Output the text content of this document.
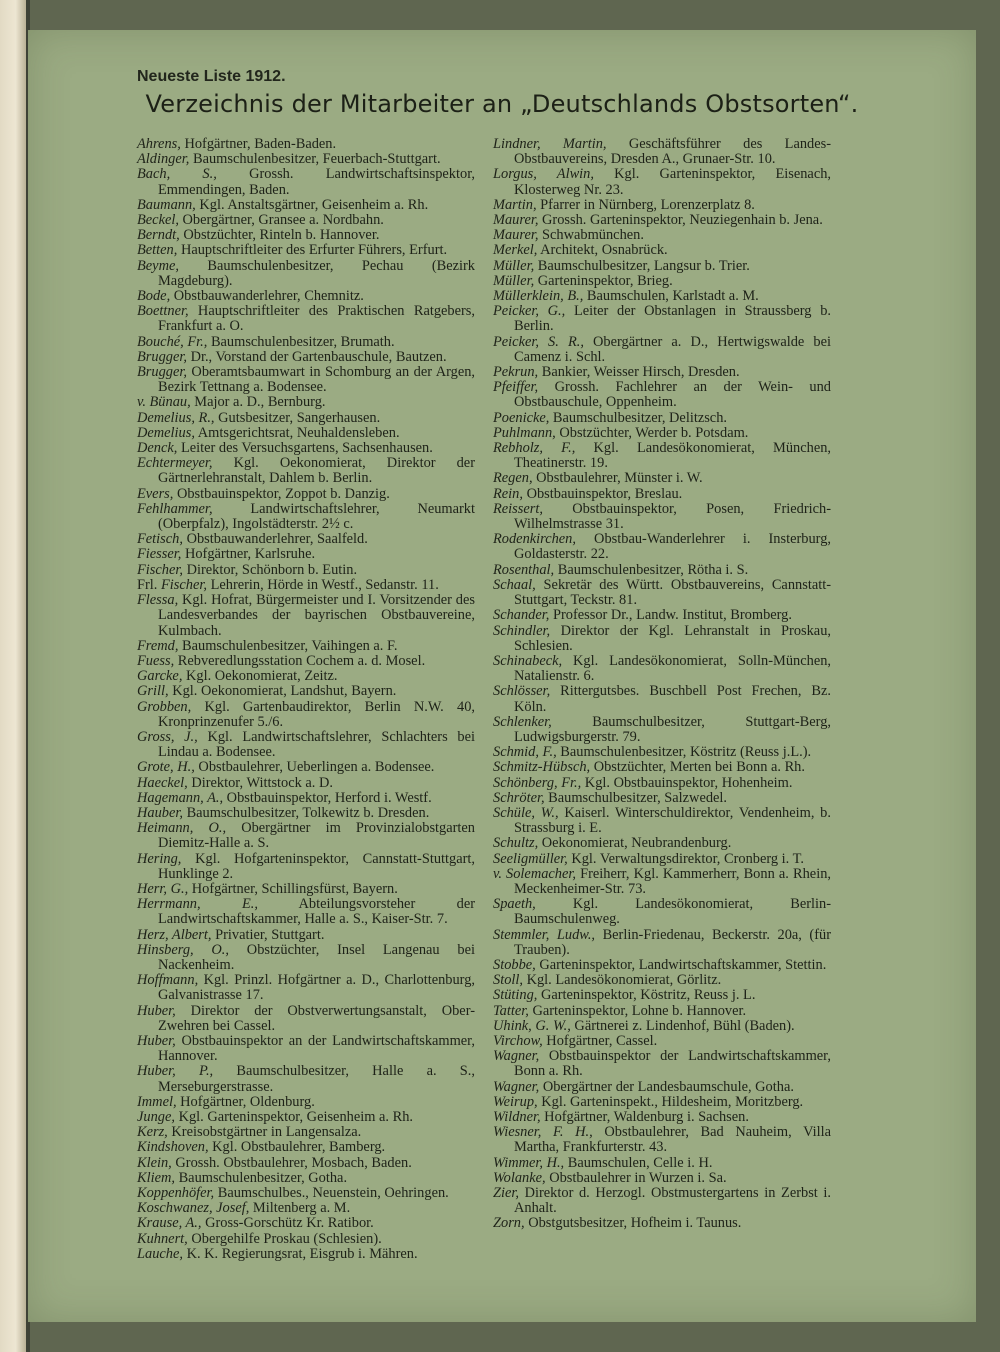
Neueste Liste 1912.
Verzeichnis der Mitarbeiter an „Deutschlands Obstsorten“.

Ahrens, Hofgärtner, Baden-Baden.

Aldinger, Baumschulenbesitzer, Feuerbach-Stuttgart.

Bach, S., Grossh. Landwirtschaftsinspektor, Emmendingen, Baden.

Baumann, Kgl. Anstaltsgärtner, Geisenheim a. Rh.

Beckel, Obergärtner, Gransee a. Nordbahn.

Berndt, Obstzüchter, Rinteln b. Hannover.

Betten, Hauptschriftleiter des Erfurter Führers, Erfurt.

Beyme, Baumschulenbesitzer, Pechau (Bezirk Magdeburg).

Bode, Obstbauwanderlehrer, Chemnitz.

Boettner, Hauptschriftleiter des Praktischen Ratgebers, Frankfurt a. O.

Bouché, Fr., Baumschulenbesitzer, Brumath.

Brugger, Dr., Vorstand der Gartenbauschule, Bautzen.

Brugger, Oberamtsbaumwart in Schomburg an der Argen, Bezirk Tettnang a. Bodensee.

v. Bünau, Major a. D., Bernburg.

Demelius, R., Gutsbesitzer, Sangerhausen.

Demelius, Amtsgerichtsrat, Neuhaldensleben.

Denck, Leiter des Versuchsgartens, Sachsenhausen.

Echtermeyer, Kgl. Oekonomierat, Direktor der Gärtnerlehranstalt, Dahlem b. Berlin.

Evers, Obstbauinspektor, Zoppot b. Danzig.

Fehlhammer, Landwirtschaftslehrer, Neumarkt (Oberpfalz), Ingolstädterstr. 2½ c.

Fetisch, Obstbauwanderlehrer, Saalfeld.

Fiesser, Hofgärtner, Karlsruhe.

Fischer, Direktor, Schönborn b. Eutin.

Frl. Fischer, Lehrerin, Hörde in Westf., Sedanstr. 11.

Flessa, Kgl. Hofrat, Bürgermeister und I. Vorsitzender des Landesverbandes der bayrischen Obstbauvereine, Kulmbach.

Fremd, Baumschulenbesitzer, Vaihingen a. F.

Fuess, Rebveredlungsstation Cochem a. d. Mosel.

Garcke, Kgl. Oekonomierat, Zeitz.

Grill, Kgl. Oekonomierat, Landshut, Bayern.

Grobben, Kgl. Gartenbaudirektor, Berlin N.W. 40, Kronprinzenufer 5./6.

Gross, J., Kgl. Landwirtschaftslehrer, Schlachters bei Lindau a. Bodensee.

Grote, H., Obstbaulehrer, Ueberlingen a. Bodensee.

Haeckel, Direktor, Wittstock a. D.

Hagemann, A., Obstbauinspektor, Herford i. Westf.

Hauber, Baumschulbesitzer, Tolkewitz b. Dresden.

Heimann, O., Obergärtner im Provinzialobstgarten Diemitz-Halle a. S.

Hering, Kgl. Hofgarteninspektor, Cannstatt-Stuttgart, Hunklinge 2.

Herr, G., Hofgärtner, Schillingsfürst, Bayern.

Herrmann, E., Abteilungsvorsteher der Landwirtschaftskammer, Halle a. S., Kaiser-Str. 7.

Herz, Albert, Privatier, Stuttgart.

Hinsberg, O., Obstzüchter, Insel Langenau bei Nackenheim.

Hoffmann, Kgl. Prinzl. Hofgärtner a. D., Charlottenburg, Galvanistrasse 17.

Huber, Direktor der Obstverwertungsanstalt, Ober-Zwehren bei Cassel.

Huber, Obstbauinspektor an der Landwirtschaftskammer, Hannover.

Huber, P., Baumschulbesitzer, Halle a. S., Merseburgerstrasse.

Immel, Hofgärtner, Oldenburg.

Junge, Kgl. Garteninspektor, Geisenheim a. Rh.

Kerz, Kreisobstgärtner in Langensalza.

Kindshoven, Kgl. Obstbaulehrer, Bamberg.

Klein, Grossh. Obstbaulehrer, Mosbach, Baden.

Kliem, Baumschulenbesitzer, Gotha.

Koppenhöfer, Baumschulbes., Neuenstein, Oehringen.

Koschwanez, Josef, Miltenberg a. M.

Krause, A., Gross-Gorschütz Kr. Ratibor.

Kuhnert, Obergehilfe Proskau (Schlesien).

Lauche, K. K. Regierungsrat, Eisgrub i. Mähren.

Lindner, Martin, Geschäftsführer des Landes-Obstbauvereins, Dresden A., Grunaer-Str. 10.

Lorgus, Alwin, Kgl. Garteninspektor, Eisenach, Klosterweg Nr. 23.

Martin, Pfarrer in Nürnberg, Lorenzerplatz 8.

Maurer, Grossh. Garteninspektor, Neuziegenhain b. Jena.

Maurer, Schwabmünchen.

Merkel, Architekt, Osnabrück.

Müller, Baumschulbesitzer, Langsur b. Trier.

Müller, Garteninspektor, Brieg.

Müllerklein, B., Baumschulen, Karlstadt a. M.

Peicker, G., Leiter der Obstanlagen in Straussberg b. Berlin.

Peicker, S. R., Obergärtner a. D., Hertwigswalde bei Camenz i. Schl.

Pekrun, Bankier, Weisser Hirsch, Dresden.

Pfeiffer, Grossh. Fachlehrer an der Wein- und Obstbauschule, Oppenheim.

Poenicke, Baumschulbesitzer, Delitzsch.

Puhlmann, Obstzüchter, Werder b. Potsdam.

Rebholz, F., Kgl. Landesökonomierat, München, Theatinerstr. 19.

Regen, Obstbaulehrer, Münster i. W.

Rein, Obstbauinspektor, Breslau.

Reissert, Obstbauinspektor, Posen, Friedrich-Wilhelmstrasse 31.

Rodenkirchen, Obstbau-Wanderlehrer i. Insterburg, Goldasterstr. 22.

Rosenthal, Baumschulenbesitzer, Rötha i. S.

Schaal, Sekretär des Württ. Obstbauvereins, Cannstatt-Stuttgart, Teckstr. 81.

Schander, Professor Dr., Landw. Institut, Bromberg.

Schindler, Direktor der Kgl. Lehranstalt in Proskau, Schlesien.

Schinabeck, Kgl. Landesökonomierat, Solln-München, Natalienstr. 6.

Schlösser, Rittergutsbes. Buschbell Post Frechen, Bz. Köln.

Schlenker, Baumschulbesitzer, Stuttgart-Berg, Ludwigsburgerstr. 79.

Schmid, F., Baumschulenbesitzer, Köstritz (Reuss j.L.).

Schmitz-Hübsch, Obstzüchter, Merten bei Bonn a. Rh.

Schönberg, Fr., Kgl. Obstbauinspektor, Hohenheim.

Schröter, Baumschulbesitzer, Salzwedel.

Schüle, W., Kaiserl. Winterschuldirektor, Vendenheim, b. Strassburg i. E.

Schultz, Oekonomierat, Neubrandenburg.

Seeligmüller, Kgl. Verwaltungsdirektor, Cronberg i. T.

v. Solemacher, Freiherr, Kgl. Kammerherr, Bonn a. Rhein, Meckenheimer-Str. 73.

Spaeth, Kgl. Landesökonomierat, Berlin-Baumschulenweg.

Stemmler, Ludw., Berlin-Friedenau, Beckerstr. 20a, (für Trauben).

Stobbe, Garteninspektor, Landwirtschaftskammer, Stettin.

Stoll, Kgl. Landesökonomierat, Görlitz.

Stüting, Garteninspektor, Köstritz, Reuss j. L.

Tatter, Garteninspektor, Lohne b. Hannover.

Uhink, G. W., Gärtnerei z. Lindenhof, Bühl (Baden).

Virchow, Hofgärtner, Cassel.

Wagner, Obstbauinspektor der Landwirtschaftskammer, Bonn a. Rh.

Wagner, Obergärtner der Landesbaumschule, Gotha.

Weirup, Kgl. Garteninspekt., Hildesheim, Moritzberg.

Wildner, Hofgärtner, Waldenburg i. Sachsen.

Wiesner, F. H., Obstbaulehrer, Bad Nauheim, Villa Martha, Frankfurterstr. 43.

Wimmer, H., Baumschulen, Celle i. H.

Wolanke, Obstbaulehrer in Wurzen i. Sa.

Zier, Direktor d. Herzogl. Obstmustergartens in Zerbst i. Anhalt.

Zorn, Obstgutsbesitzer, Hofheim i. Taunus.
